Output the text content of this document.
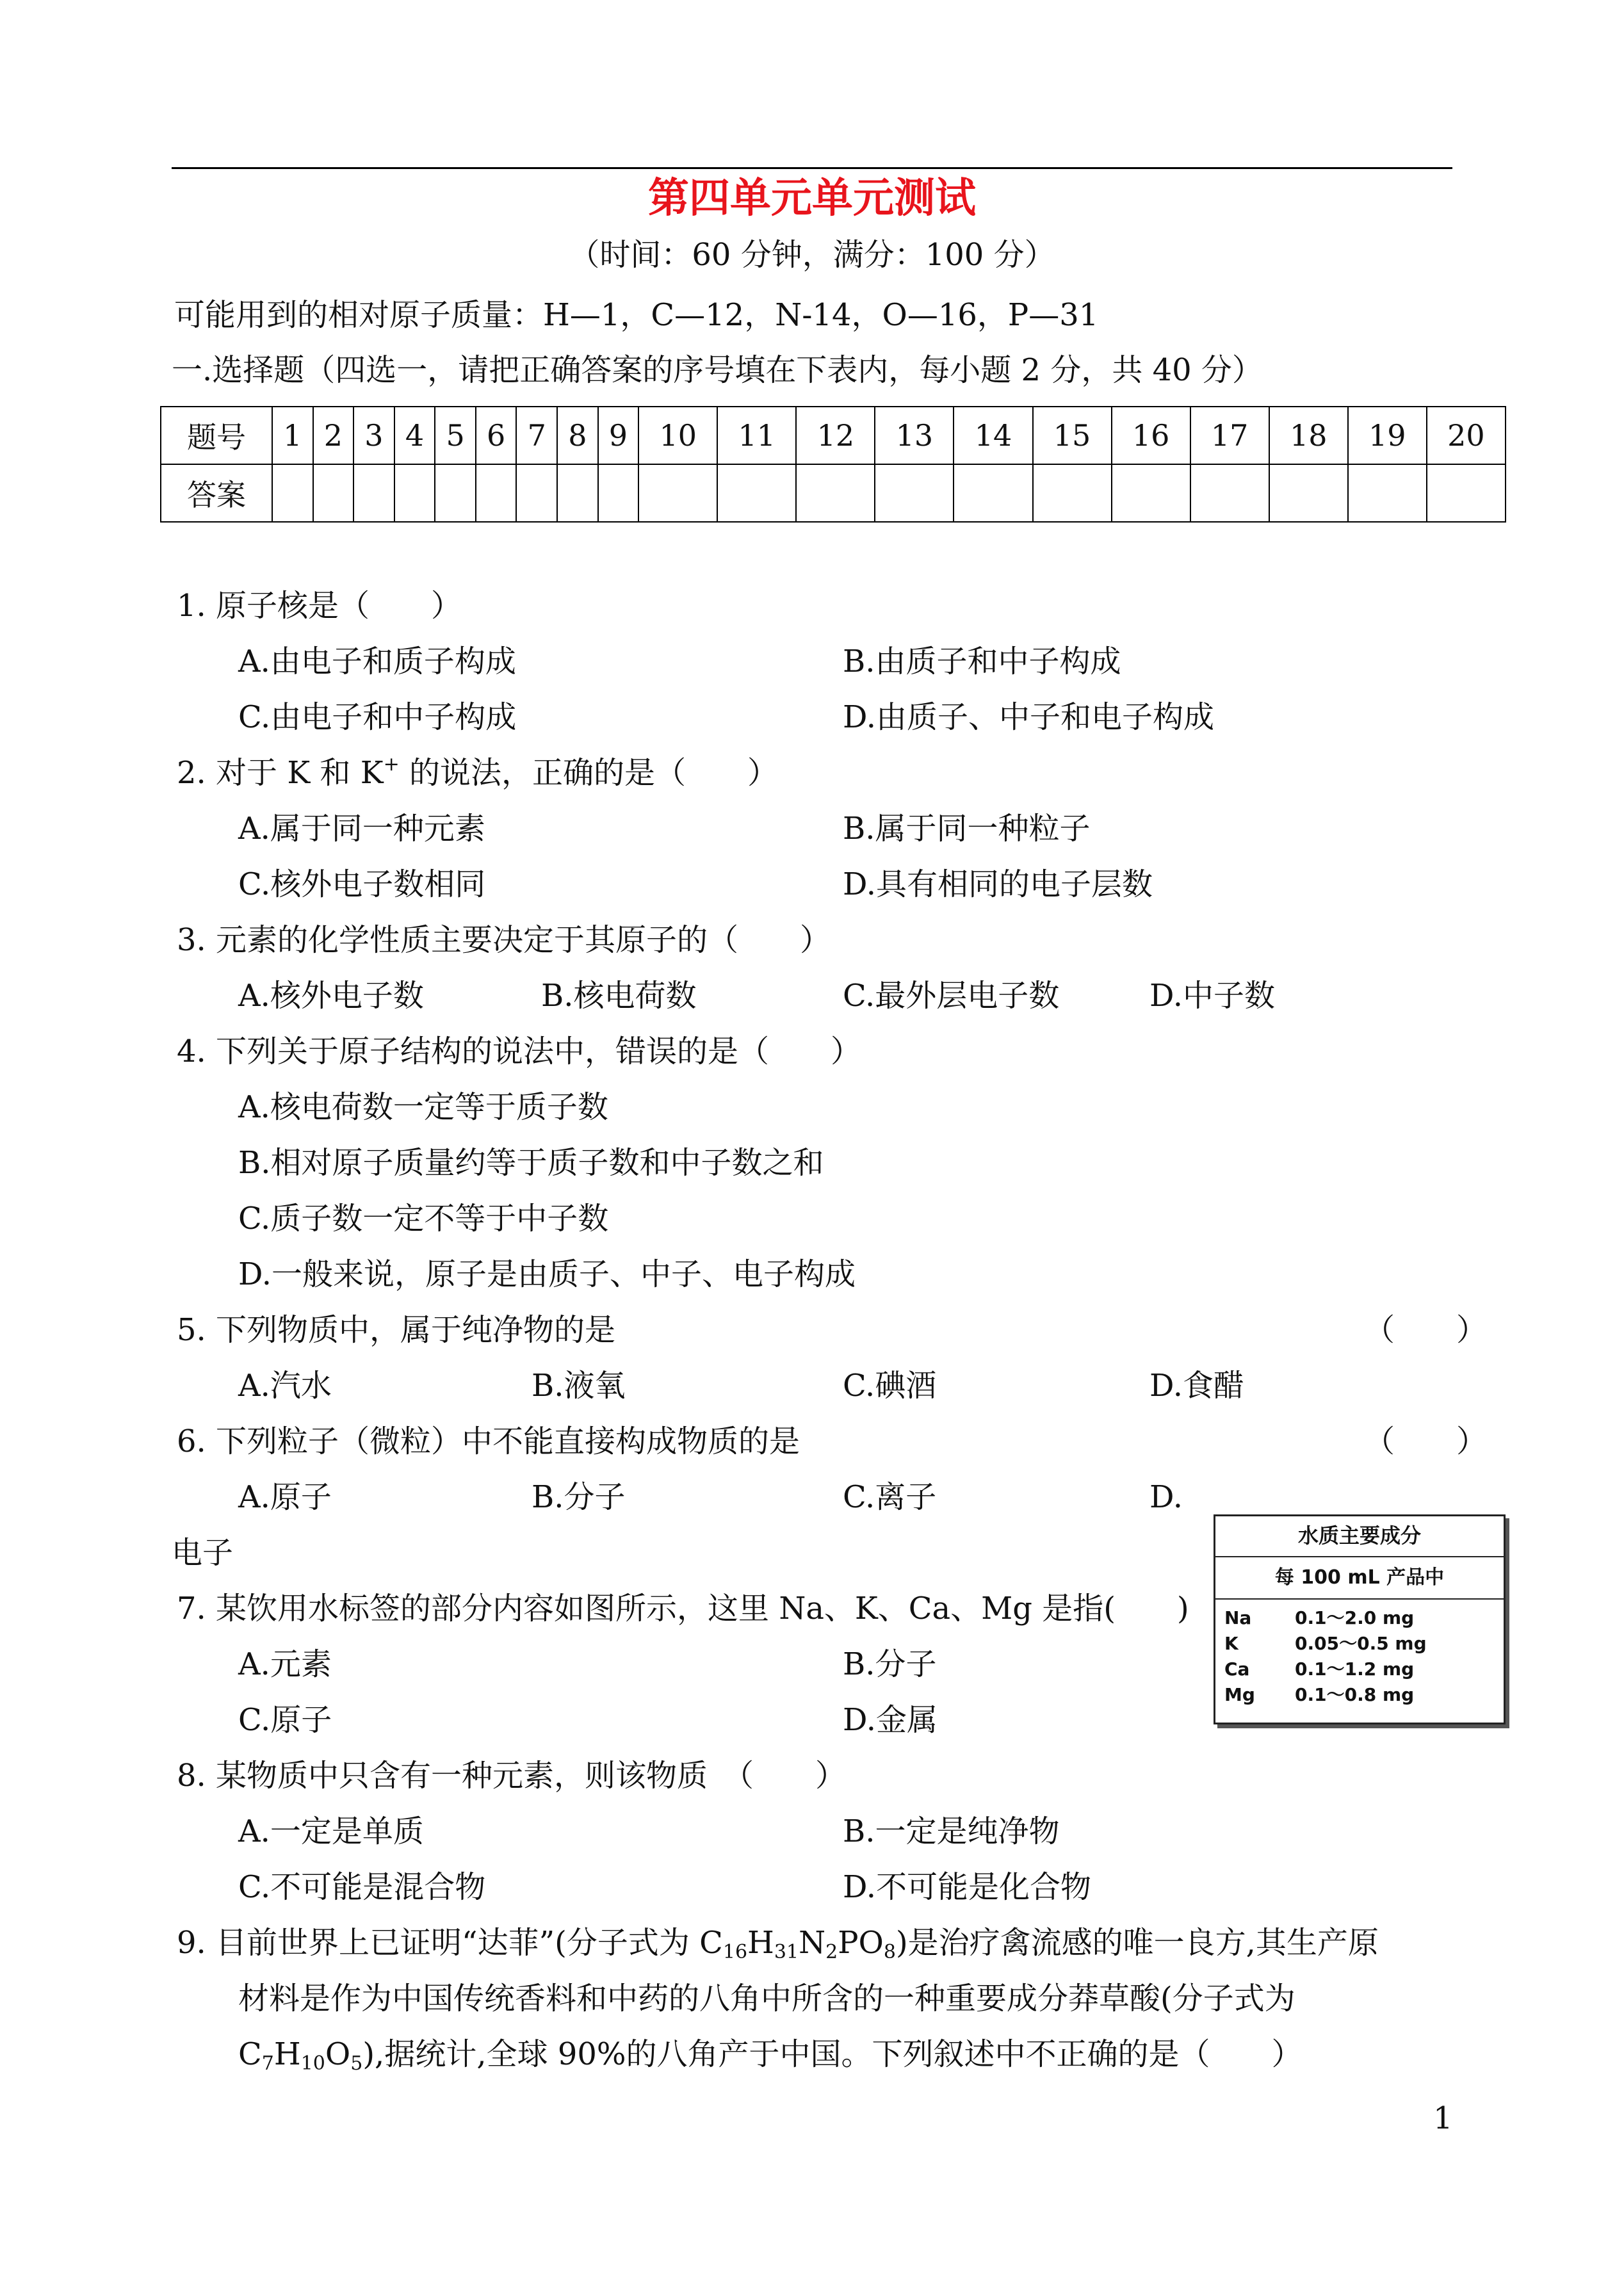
第四单元单元测试
（时间：60 分钟，满分：100 分）
可能用到的相对原子质量：H—1，C—12，N-14，O—16，P—31
一.选择题（四选一，请把正确答案的序号填在下表内，每小题 2 分，共 40 分）
题号	1	2	3	4	5	6	7	8	9	10	11	12	13	14	15	16	17	18	19	20
答案																				
1. 原子核是（　　）
A.由电子和质子构成	B.由质子和中子构成
C.由电子和中子构成	D.由质子、中子和电子构成
2. 对于 K 和 K+ 的说法，正确的是（　　）
A.属于同一种元素	B.属于同一种粒子
C.核外电子数相同	D.具有相同的电子层数
3. 元素的化学性质主要决定于其原子的（　　）
A.核外电子数	B.核电荷数	C.最外层电子数	D.中子数
4. 下列关于原子结构的说法中，错误的是（　　）
A.核电荷数一定等于质子数
B.相对原子质量约等于质子数和中子数之和
C.质子数一定不等于中子数
D.一般来说，原子是由质子、中子、电子构成
5. 下列物质中，属于纯净物的是	（　　）
A.汽水	B.液氧	C.碘酒	D.食醋
6. 下列粒子（微粒）中不能直接构成物质的是	（　　）
A.原子	B.分子	C.离子	D.
电子	水质主要成分
每 100 mL 产品中
Na 0.1～2.0 mg
K	0.05～0.5 mg
Ca	0.1～1.2 mg
Mg 0.1～0.8 mg
7. 某饮用水标签的部分内容如图所示，这里 Na、K、Ca、Mg 是指(　　)
A.元素	B.分子
C.原子	D.金属
8. 某物质中只含有一种元素，则该物质　（　　）
A.一定是单质	B.一定是纯净物
C.不可能是混合物	D.不可能是化合物
9. 目前世界上已证明“达菲”(分子式为 $C_{16}H_{31}N_2PO_8$)是治疗禽流感的唯一良方,其生产原
材料是作为中国传统香料和中药的八角中所含的一种重要成分莽草酸(分子式为
$C_7H_{10}O_5$),据统计,全球 90%的八角产于中国。下列叙述中不正确的是（　　）
1
